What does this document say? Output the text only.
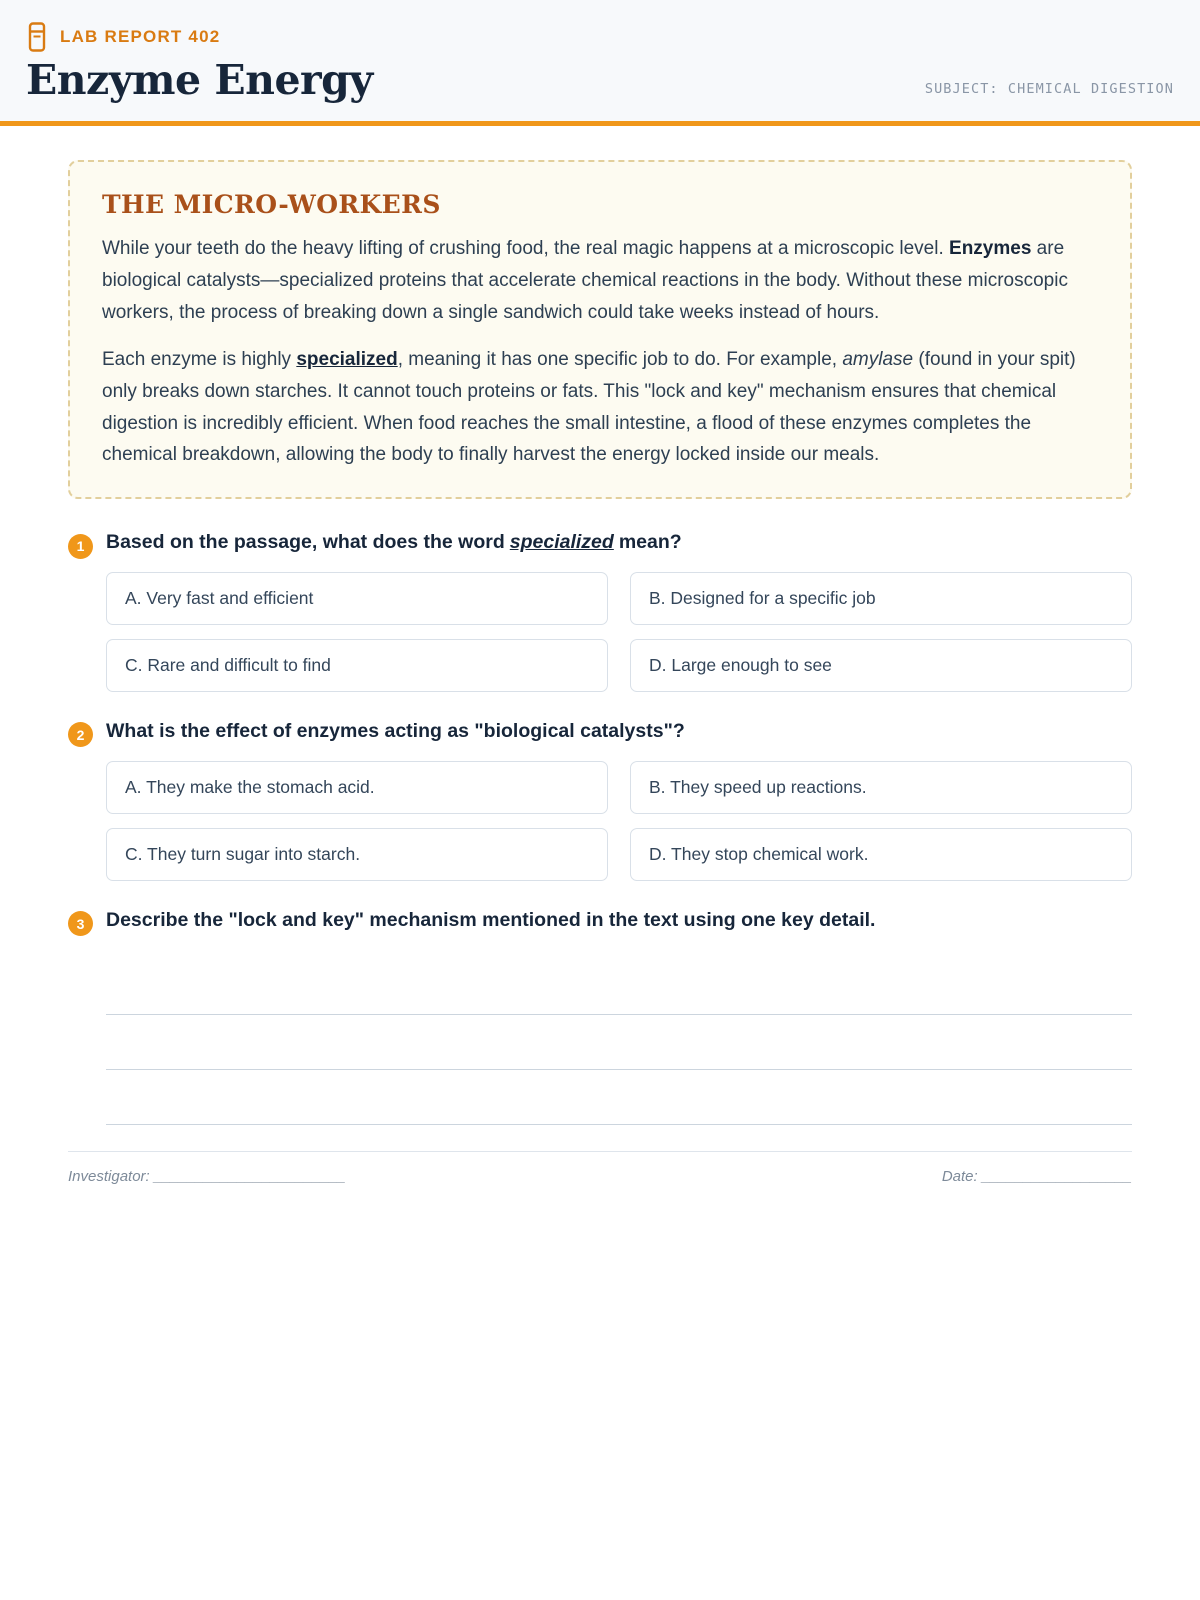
LAB REPORT 402
Enzyme Energy	SUBJECT: CHEMICAL DIGESTION
THE MICRO-WORKERS

While your teeth do the heavy lifting of crushing food, the real magic happens at a microscopic level. Enzymes are biological catalysts—specialized proteins that accelerate chemical reactions in the body. Without these microscopic workers, the process of breaking down a single sandwich could take weeks instead of hours.

Each enzyme is highly specialized, meaning it has one specific job to do. For example, amylase (found in your spit) only breaks down starches. It cannot touch proteins or fats. This "lock and key" mechanism ensures that chemical digestion is incredibly efficient. When food reaches the small intestine, a flood of these enzymes completes the chemical breakdown, allowing the body to finally harvest the energy locked inside our meals.

1	Based on the passage, what does the word specialized mean?
A. Very fast and efficient	B. Designed for a specific job
C. Rare and difficult to find	D. Large enough to see
2	What is the effect of enzymes acting as "biological catalysts"?
A. They make the stomach acid.	B. They speed up reactions.
C. They turn sugar into starch.	D. They stop chemical work.
3	Describe the "lock and key" mechanism mentioned in the text using one key detail.
Investigator: _______________________	Date: __________________
